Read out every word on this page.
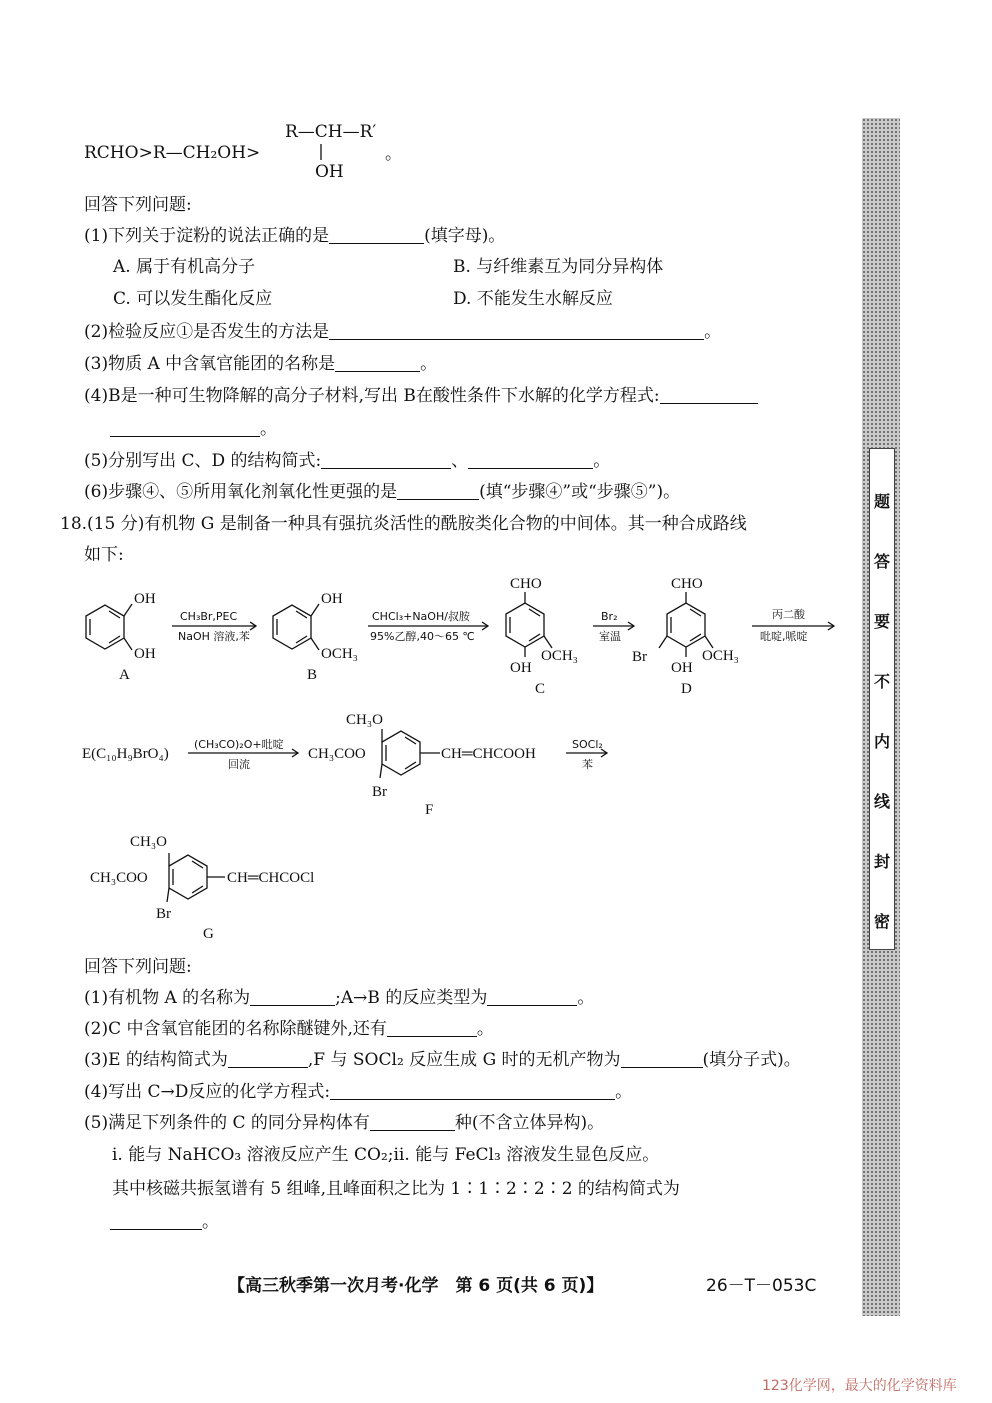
RCHO>R—CH₂OH>
R—CH—R′
OH
。
回答下列问题:
(1)下列关于淀粉的说法正确的是	(填字母)。
A. 属于有机高分子	B. 与纤维素互为同分异构体
C. 可以发生酯化反应	D. 不能发生水解反应
(2)检验反应①是否发生的方法是	。
(3)物质 A 中含氧官能团的名称是	。
(4)B是一种可生物降解的高分子材料,写出 B在酸性条件下水解的化学方程式:
。
(5)分别写出 C、D 的结构简式:	、	。
(6)步骤④、⑤所用氧化剂氧化性更强的是	(填“步骤④”或“步骤⑤”)。
18.(15 分)有机物 G 是制备一种具有强抗炎活性的酰胺类化合物的中间体。其一种合成路线
如下:
OH
OH
A
CH₃Br,PEC
NaOH 溶液,苯
OH
OCH₃
B
CHCl₃+NaOH/叔胺
95%乙醇,40～65 ℃
CHO
OCH₃
OH
C
Br₂
室温
CHO
Br
OH
OCH₃
D
丙二酸
吡啶,哌啶
E(C₁₀H₉BrO₄)
(CH₃CO)₂O+吡啶
回流
CH₃O
CH₃COO	CH═CHCOOH
Br
F
SOCl₂
苯
CH₃O
CH₃COO	CH═CHCOCl
Br
G
回答下列问题:
(1)有机物 A 的名称为	;A→B 的反应类型为	。
(2)C 中含氧官能团的名称除醚键外,还有	。
(3)E 的结构简式为	,F 与 SOCl₂ 反应生成 G 时的无机产物为	(填分子式)。
(4)写出 C→D反应的化学方程式:	。
(5)满足下列条件的 C 的同分异构体有	种(不含立体异构)。
ⅰ. 能与 NaHCO₃ 溶液反应产生 CO₂;ⅱ. 能与 FeCl₃ 溶液发生显色反应。
其中核磁共振氢谱有 5 组峰,且峰面积之比为 1∶1∶2∶2∶2 的结构简式为
。
题
答
要
不
内
线
封
密
【高三秋季第一次月考·化学　第 6 页(共 6 页)】	26－T－053C
123化学网，最大的化学资料库
